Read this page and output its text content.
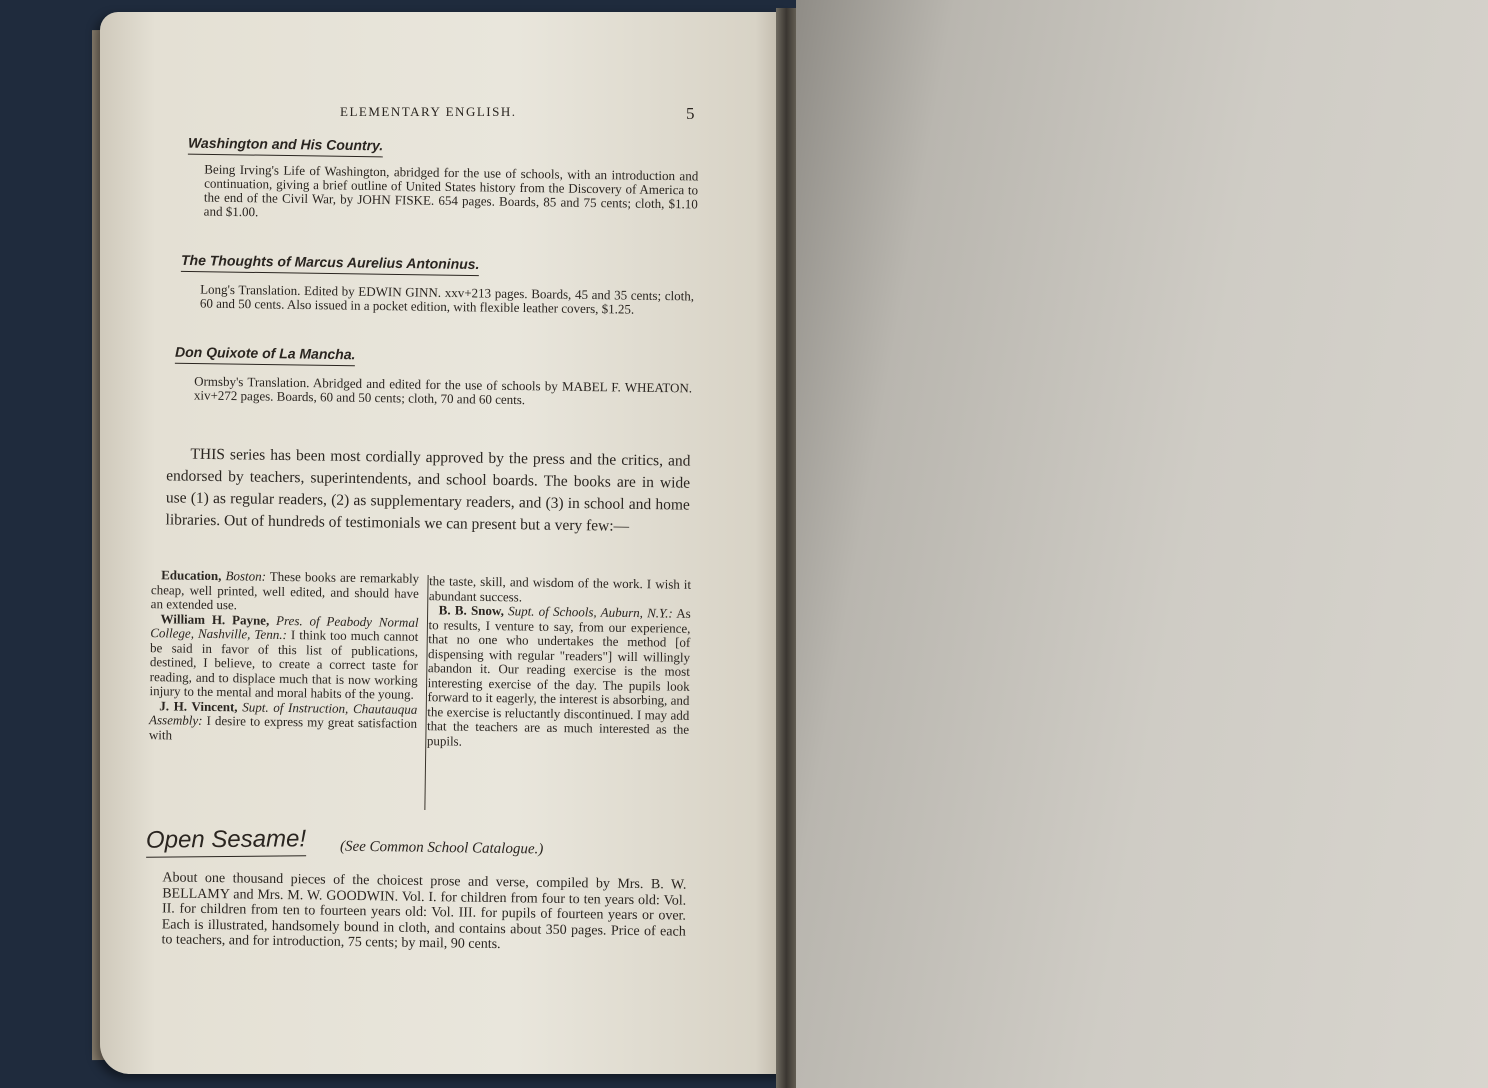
ELEMENTARY ENGLISH.	5
Washington and His Country.
Being Irving's Life of Washington, abridged for the use of schools, with an introduction and continuation, giving a brief outline of United States history from the Discovery of America to the end of the Civil War, by JOHN FISKE. 654 pages. Boards, 85 and 75 cents; cloth, $1.10 and $1.00.
The Thoughts of Marcus Aurelius Antoninus.
Long's Translation. Edited by EDWIN GINN. xxv+213 pages. Boards, 45 and 35 cents; cloth, 60 and 50 cents. Also issued in a pocket edition, with flexible leather covers, $1.25.
Don Quixote of La Mancha.
Ormsby's Translation. Abridged and edited for the use of schools by MABEL F. WHEATON. xiv+272 pages. Boards, 60 and 50 cents; cloth, 70 and 60 cents.
THIS series has been most cordially approved by the press and the critics, and endorsed by teachers, superintendents, and school boards. The books are in wide use (1) as regular readers, (2) as supplementary readers, and (3) in school and home libraries. Out of hundreds of testimonials we can present but a very few:—

Education, Boston: These books are remarkably cheap, well printed, well edited, and should have an extended use.

William H. Payne, Pres. of Peabody Normal College, Nashville, Tenn.: I think too much cannot be said in favor of this list of publications, destined, I believe, to create a correct taste for reading, and to displace much that is now working injury to the mental and moral habits of the young.

J. H. Vincent, Supt. of Instruction, Chautauqua Assembly: I desire to express my great satisfaction with

the taste, skill, and wisdom of the work. I wish it abundant success.

B. B. Snow, Supt. of Schools, Auburn, N.Y.: As to results, I venture to say, from our experience, that no one who undertakes the method [of dispensing with regular "readers"] will willingly abandon it. Our reading exercise is the most interesting exercise of the day. The pupils look forward to it eagerly, the interest is absorbing, and the exercise is reluctantly discontinued. I may add that the teachers are as much interested as the pupils.

Open Sesame! (See Common School Catalogue.)
About one thousand pieces of the choicest prose and verse, compiled by Mrs. B. W. BELLAMY and Mrs. M. W. GOODWIN. Vol. I. for children from four to ten years old: Vol. II. for children from ten to fourteen years old: Vol. III. for pupils of fourteen years or over. Each is illustrated, handsomely bound in cloth, and contains about 350 pages. Price of each to teachers, and for introduction, 75 cents; by mail, 90 cents.
